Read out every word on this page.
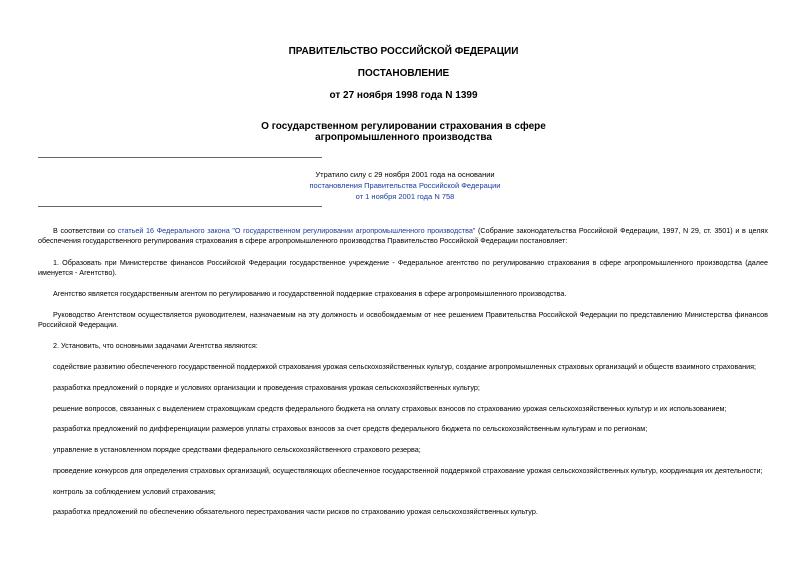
ПРАВИТЕЛЬСТВО РОССИЙСКОЙ ФЕДЕРАЦИИ
ПОСТАНОВЛЕНИЕ
от 27 ноября 1998 года N 1399
О государственном регулировании страхования в сфере
агропромышленного производства
Утратило силу с 29 ноября 2001 года на основании
постановления Правительства Российской Федерации
от 1 ноября 2001 года N 758
В соответствии со статьей 16 Федерального закона "О государственном регулировании агропромышленного производства" (Собрание законодательства Российской Федерации, 1997, N 29, ст. 3501) и в целях обеспечения государственного регулирования страхования в сфере агропромышленного производства Правительство Российской Федерации постановляет:
1. Образовать при Министерстве финансов Российской Федерации государственное учреждение - Федеральное агентство по регулированию страхования в сфере агропромышленного производства (далее именуется - Агентство).
Агентство является государственным агентом по регулированию и государственной поддержке страхования в сфере агропромышленного производства.
Руководство Агентством осуществляется руководителем, назначаемым на эту должность и освобождаемым от нее решением Правительства Российской Федерации по представлению Министерства финансов Российской Федерации.
2. Установить, что основными задачами Агентства являются:
содействие развитию обеспеченного государственной поддержкой страхования урожая сельскохозяйственных культур, создание агропромышленных страховых организаций и обществ взаимного страхования;
разработка предложений о порядке и условиях организации и проведения страхования урожая сельскохозяйственных культур;
решение вопросов, связанных с выделением страховщикам средств федерального бюджета на оплату страховых взносов по страхованию урожая сельскохозяйственных культур и их использованием;
разработка предложений по дифференциации размеров уплаты страховых взносов за счет средств федерального бюджета по сельскохозяйственным культурам и по регионам;
управление в установленном порядке средствами федерального сельскохозяйственного страхового резерва;
проведение конкурсов для определения страховых организаций, осуществляющих обеспеченное государственной поддержкой страхование урожая сельскохозяйственных культур, координация их деятельности;
контроль за соблюдением условий страхования;
разработка предложений по обеспечению обязательного перестрахования части рисков по страхованию урожая сельскохозяйственных культур.
